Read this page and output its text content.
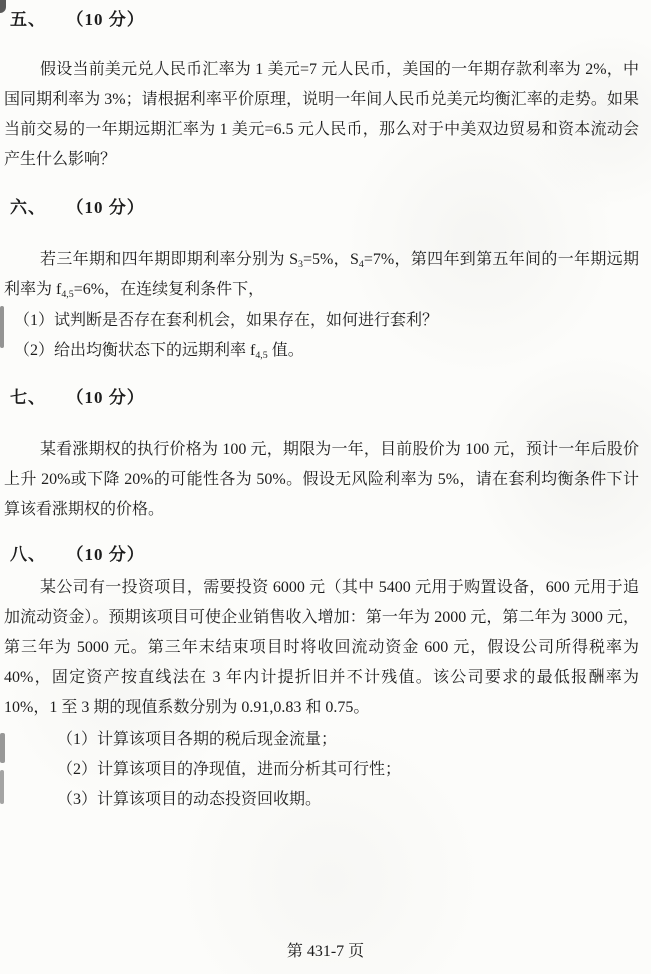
五、 （10 分）

假设当前美元兑人民币汇率为 1 美元=7 元人民币，美国的一年期存款利率为 2%，中国同期利率为 3%；请根据利率平价原理，说明一年间人民币兑美元均衡汇率的走势。如果当前交易的一年期远期汇率为 1 美元=6.5 元人民币，那么对于中美双边贸易和资本流动会产生什么影响？

六、 （10 分）

若三年期和四年期即期利率分别为 $S_3=5\%$，$S_4=7\%$，第四年到第五年间的一年期远期利率为 $f_{4,5}=6\%$，在连续复利条件下，

（1）试判断是否存在套利机会，如果存在，如何进行套利？

（2）给出均衡状态下的远期利率 $f_{4,5}$ 值。

七、 （10 分）

某看涨期权的执行价格为 100 元，期限为一年，目前股价为 100 元，预计一年后股价上升 20%或下降 20%的可能性各为 50%。假设无风险利率为 5%，请在套利均衡条件下计算该看涨期权的价格。

八、 （10 分）

某公司有一投资项目，需要投资 6000 元（其中 5400 元用于购置设备，600 元用于追加流动资金）。预期该项目可使企业销售收入增加：第一年为 2000 元，第二年为 3000 元，第三年为 5000 元。第三年末结束项目时将收回流动资金 600 元，假设公司所得税率为 40%，固定资产按直线法在 3 年内计提折旧并不计残值。该公司要求的最低报酬率为 10%，1 至 3 期的现值系数分别为 0.91,0.83 和 0.75。

（1）计算该项目各期的税后现金流量；

（2）计算该项目的净现值，进而分析其可行性；

（3）计算该项目的动态投资回收期。

第 431-7 页
